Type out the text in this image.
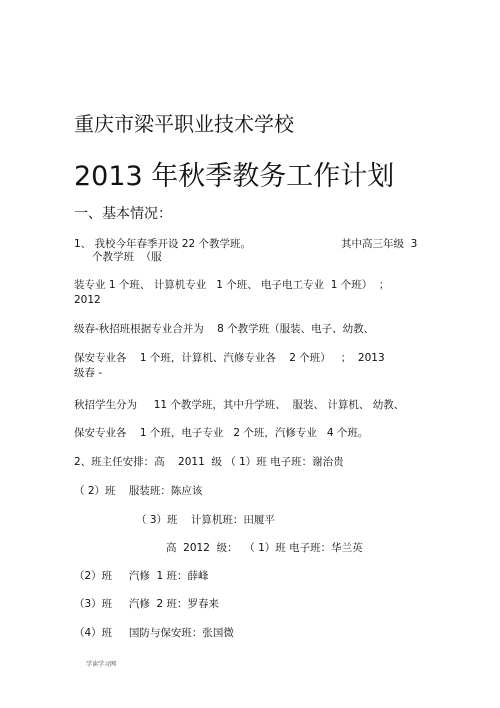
重庆市梁平职业技术学校
2013 年秋季教务工作计划
一、基本情况：
1、 我校今年春季开设 22 个教学班。	其中高三年级  3
个教学班  （服
装专业 1 个班、 计算机专业   1 个班、 电子电工专业  1 个班）  ；
2012
级春-秋招班根据专业合并为    8 个教学班（服装、电子、幼教、
保安专业各    1 个班，计算机、汽修专业各    2 个班）   ；  2013
级春 -
秋招学生分为     11 个教学班，其中升学班、  服装、 计算机、 幼教、
保安专业各    1 个班，电子专业   2 个班，汽修专业   4 个班。
2、班主任安排：高    2011  级 （ 1）班 电子班：谢治贵
（ 2）班    服装班：陈应该
（ 3）班    计算机班：田履平
高  2012  级：  （ 1）班 电子班：华兰英
（2）班     汽修  1 班：薛峰
（3）班     汽修  2 班：罗春来
（4）班     国防与保安班：张国微
学读学习网
